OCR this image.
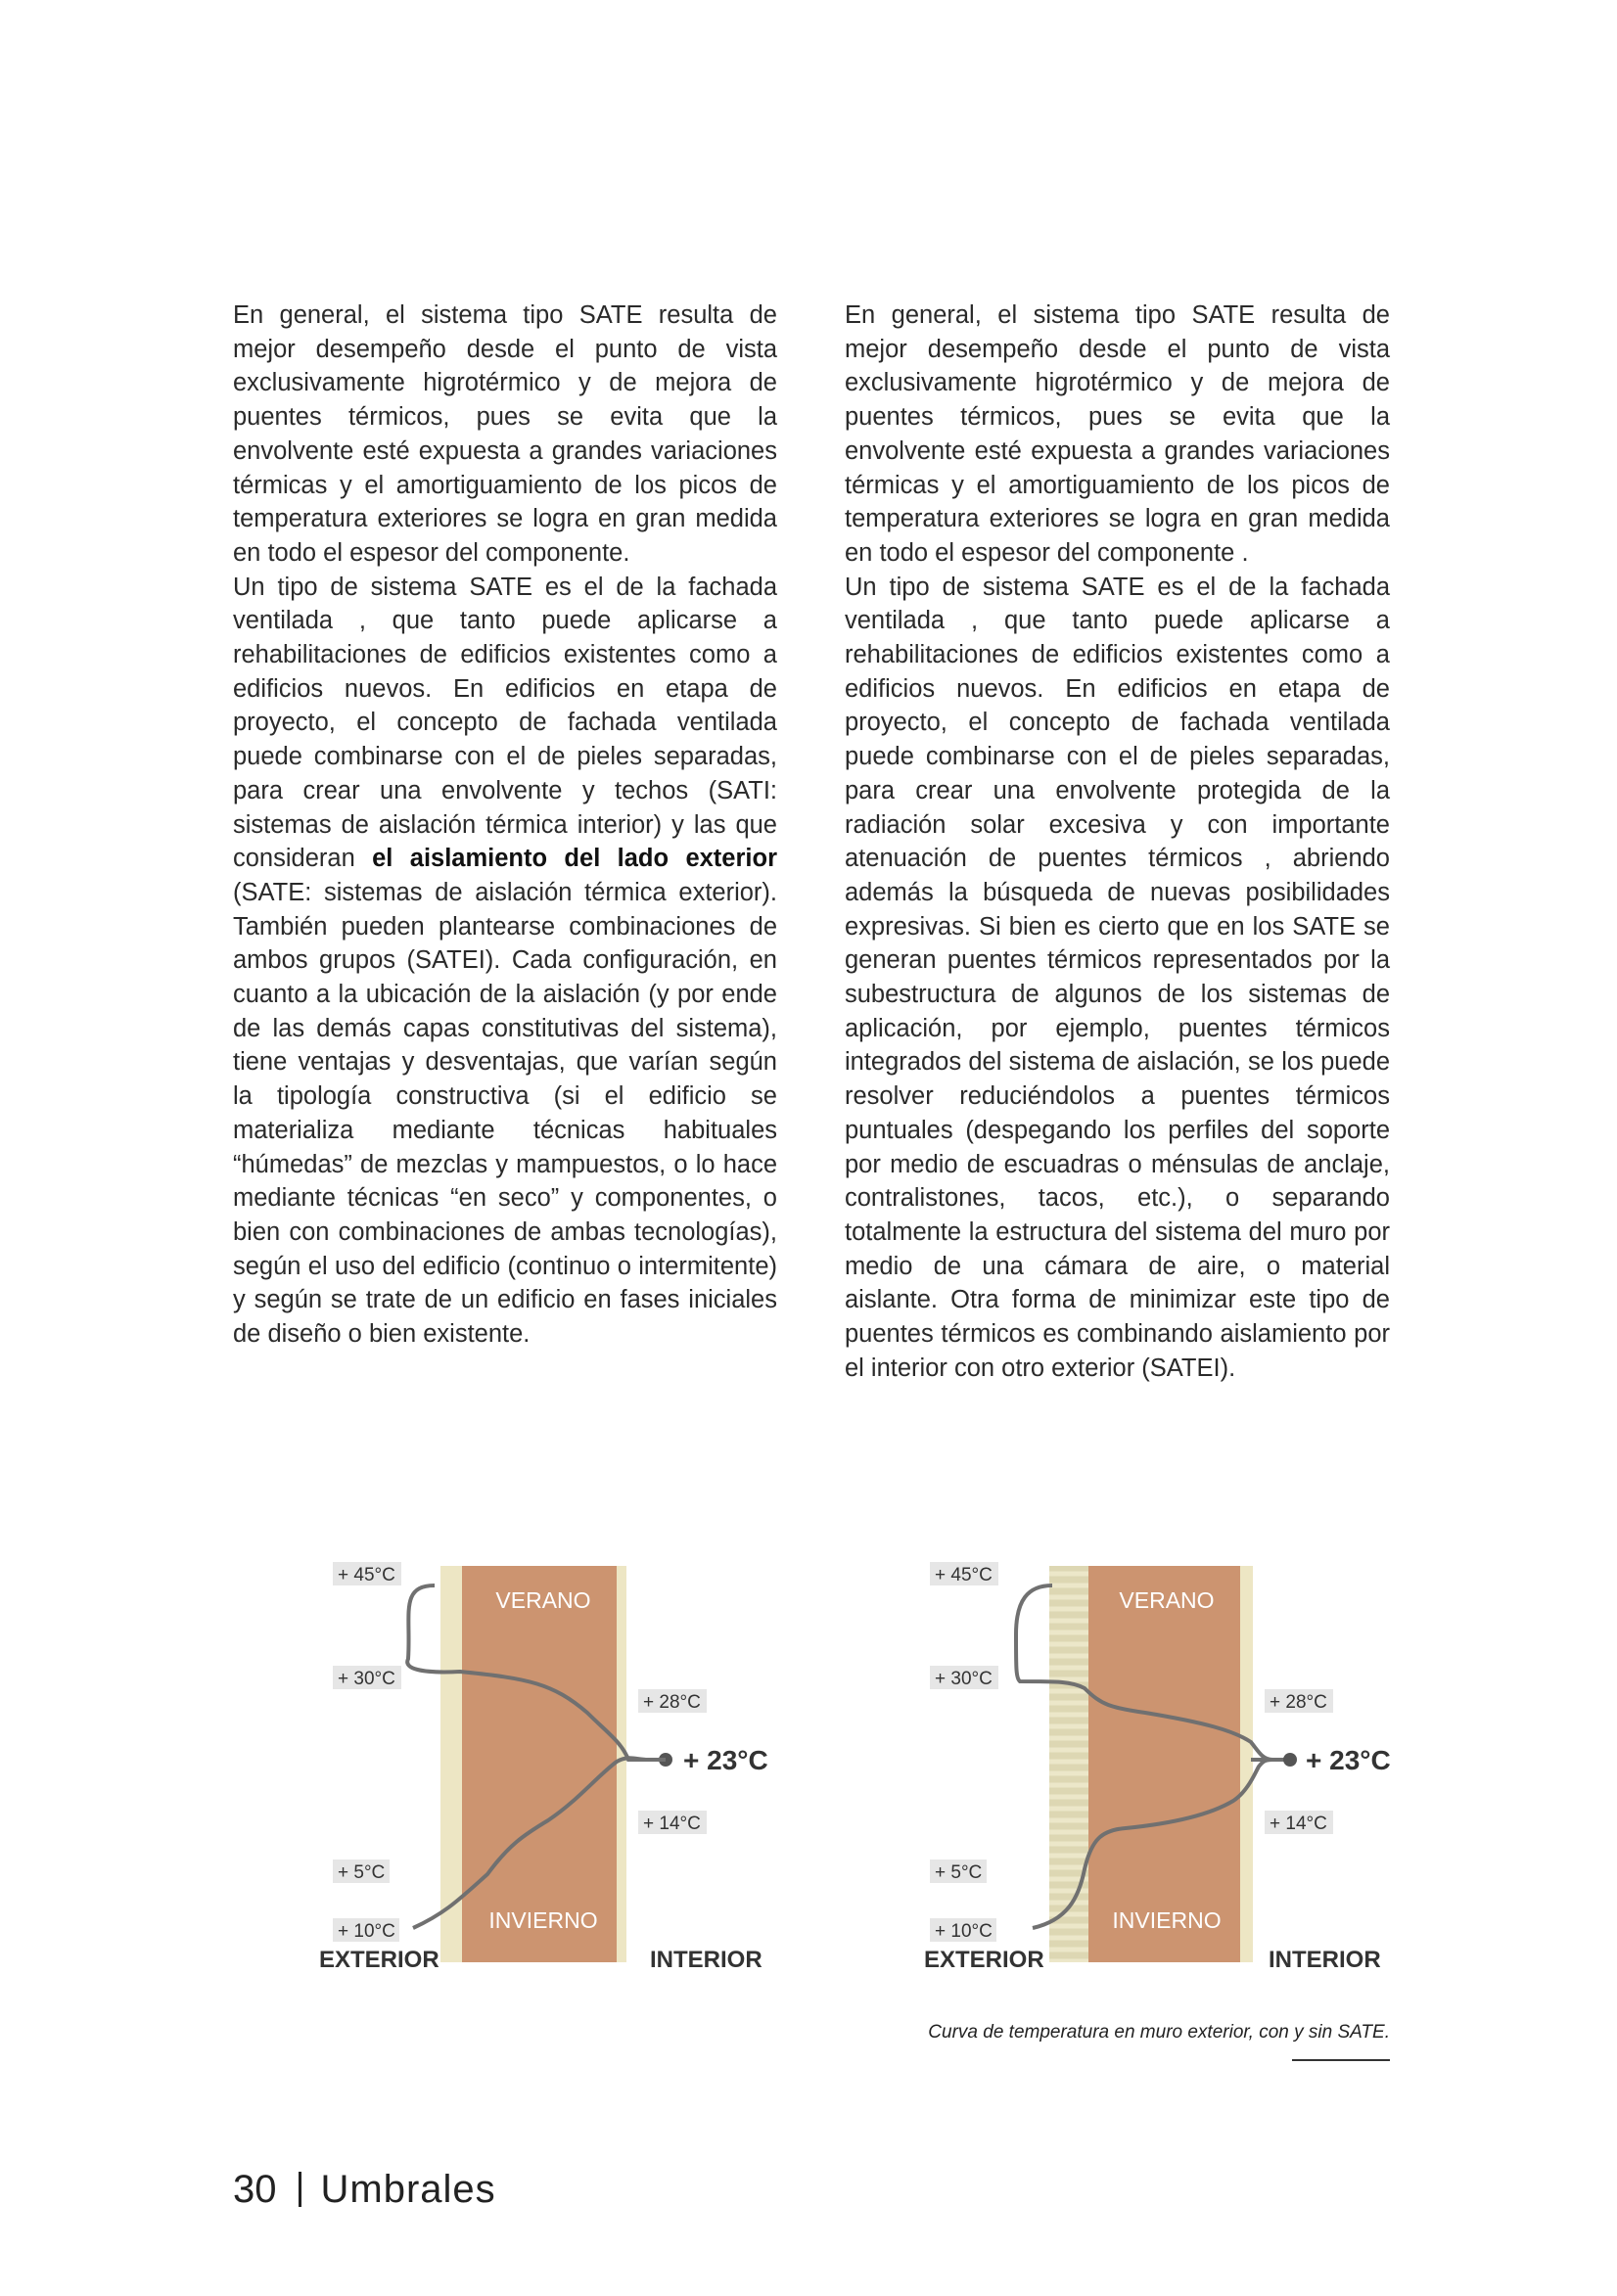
En general, el sistema tipo SATE resulta de mejor desempeño desde el punto de vista exclusivamente higrotérmico y de mejora de puentes térmicos, pues se evita que la envolvente esté expuesta a grandes variaciones térmicas y el amortiguamiento de los picos de temperatura exteriores se logra en gran medida en todo el espesor del componente.

Un tipo de sistema SATE es el de la fachada ventilada , que tanto puede aplicarse a rehabilitaciones de edificios existentes como a edificios nuevos. En edificios en etapa de proyecto, el concepto de fachada ventilada puede combinarse con el de pieles separadas, para crear una envolvente y techos (SATI: sistemas de aislación térmica interior) y las que consideran el aislamiento del lado exterior (SATE: sistemas de aislación térmica exterior). También pueden plantearse combinaciones de ambos grupos (SATEI). Cada configuración, en cuanto a la ubicación de la aislación (y por ende de las demás capas constitutivas del sistema), tiene ventajas y desventajas, que varían según la tipología constructiva (si el edificio se materializa mediante técnicas habituales “húmedas” de mezclas y mampuestos, o lo hace mediante técnicas “en seco” y componentes, o bien con combinaciones de ambas tecnologías), según el uso del edificio (continuo o intermitente) y según se trate de un edificio en fases iniciales de diseño o bien existente.

En general, el sistema tipo SATE resulta de mejor desempeño desde el punto de vista exclusivamente higrotérmico y de mejora de puentes térmicos, pues se evita que la envolvente esté expuesta a grandes variaciones térmicas y el amortiguamiento de los picos de temperatura exteriores se logra en gran medida en todo el espesor del componente .

Un tipo de sistema SATE es el de la fachada ventilada , que tanto puede aplicarse a rehabilitaciones de edificios existentes como a edificios nuevos. En edificios en etapa de proyecto, el concepto de fachada ventilada puede combinarse con el de pieles separadas, para crear una envolvente protegida de la radiación solar excesiva y con importante atenuación de puentes térmicos , abriendo además la búsqueda de nuevas posibilidades expresivas. Si bien es cierto que en los SATE se generan puentes térmicos representados por la subestructura de algunos de los sistemas de aplicación, por ejemplo, puentes térmicos integrados del sistema de aislación, se los puede resolver reduciéndolos a puentes térmicos puntuales (despegando los perfiles del soporte por medio de escuadras o ménsulas de anclaje, contralistones, tacos, etc.), o separando totalmente la estructura del sistema del muro por medio de una cámara de aire, o material aislante. Otra forma de minimizar este tipo de puentes térmicos es combinando aislamiento por el interior con otro exterior (SATEI).

VERANO
INVIERNO
+ 45°C
+ 30°C
+ 5°C
+ 10°C
+ 28°C
+ 23°C
+ 14°C
EXTERIOR	INTERIOR
VERANO
INVIERNO
+ 45°C
+ 30°C
+ 5°C
+ 10°C
+ 28°C
+ 23°C
+ 14°C
EXTERIOR	INTERIOR
Curva de temperatura en muro exterior, con y sin SATE.
30 Umbrales
